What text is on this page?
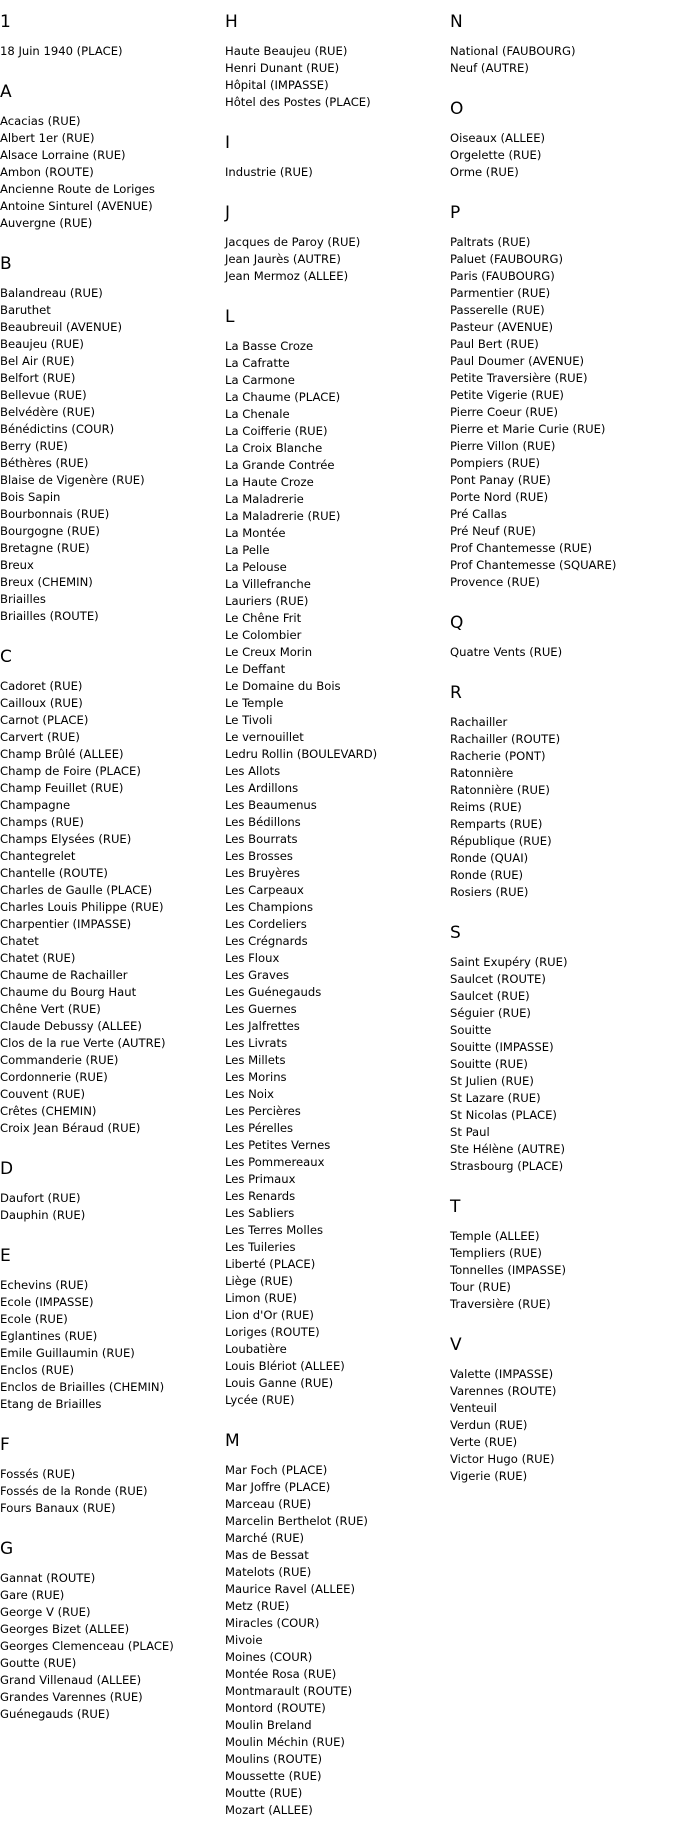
1
18 Juin 1940 (PLACE)
A
Acacias (RUE)
Albert 1er (RUE)
Alsace Lorraine (RUE)
Ambon (ROUTE)
Ancienne Route de Loriges
Antoine Sinturel (AVENUE)
Auvergne (RUE)
B
Balandreau (RUE)
Baruthet
Beaubreuil (AVENUE)
Beaujeu (RUE)
Bel Air (RUE)
Belfort (RUE)
Bellevue (RUE)
Belvédère (RUE)
Bénédictins (COUR)
Berry (RUE)
Béthères (RUE)
Blaise de Vigenère (RUE)
Bois Sapin
Bourbonnais (RUE)
Bourgogne (RUE)
Bretagne (RUE)
Breux
Breux (CHEMIN)
Briailles
Briailles (ROUTE)
C
Cadoret (RUE)
Cailloux (RUE)
Carnot (PLACE)
Carvert (RUE)
Champ Brûlé (ALLEE)
Champ de Foire (PLACE)
Champ Feuillet (RUE)
Champagne
Champs (RUE)
Champs Elysées (RUE)
Chantegrelet
Chantelle (ROUTE)
Charles de Gaulle (PLACE)
Charles Louis Philippe (RUE)
Charpentier (IMPASSE)
Chatet
Chatet (RUE)
Chaume de Rachailler
Chaume du Bourg Haut
Chêne Vert (RUE)
Claude Debussy (ALLEE)
Clos de la rue Verte (AUTRE)
Commanderie (RUE)
Cordonnerie (RUE)
Couvent (RUE)
Crêtes (CHEMIN)
Croix Jean Béraud (RUE)
D
Daufort (RUE)
Dauphin (RUE)
E
Echevins (RUE)
Ecole (IMPASSE)
Ecole (RUE)
Eglantines (RUE)
Emile Guillaumin (RUE)
Enclos (RUE)
Enclos de Briailles (CHEMIN)
Etang de Briailles
F
Fossés (RUE)
Fossés de la Ronde (RUE)
Fours Banaux (RUE)
G
Gannat (ROUTE)
Gare (RUE)
George V (RUE)
Georges Bizet (ALLEE)
Georges Clemenceau (PLACE)
Goutte (RUE)
Grand Villenaud (ALLEE)
Grandes Varennes (RUE)
Guénegauds (RUE)
H
Haute Beaujeu (RUE)
Henri Dunant (RUE)
Hôpital (IMPASSE)
Hôtel des Postes (PLACE)
I
Industrie (RUE)
J
Jacques de Paroy (RUE)
Jean Jaurès (AUTRE)
Jean Mermoz (ALLEE)
L
La Basse Croze
La Cafratte
La Carmone
La Chaume (PLACE)
La Chenale
La Coifferie (RUE)
La Croix Blanche
La Grande Contrée
La Haute Croze
La Maladrerie
La Maladrerie (RUE)
La Montée
La Pelle
La Pelouse
La Villefranche
Lauriers (RUE)
Le Chêne Frit
Le Colombier
Le Creux Morin
Le Deffant
Le Domaine du Bois
Le Temple
Le Tivoli
Le vernouillet
Ledru Rollin (BOULEVARD)
Les Allots
Les Ardillons
Les Beaumenus
Les Bédillons
Les Bourrats
Les Brosses
Les Bruyères
Les Carpeaux
Les Champions
Les Cordeliers
Les Crégnards
Les Floux
Les Graves
Les Guénegauds
Les Guernes
Les Jalfrettes
Les Livrats
Les Millets
Les Morins
Les Noix
Les Percières
Les Pérelles
Les Petites Vernes
Les Pommereaux
Les Primaux
Les Renards
Les Sabliers
Les Terres Molles
Les Tuileries
Liberté (PLACE)
Liège (RUE)
Limon (RUE)
Lion d'Or (RUE)
Loriges (ROUTE)
Loubatière
Louis Blériot (ALLEE)
Louis Ganne (RUE)
Lycée (RUE)
M
Mar Foch (PLACE)
Mar Joffre (PLACE)
Marceau (RUE)
Marcelin Berthelot (RUE)
Marché (RUE)
Mas de Bessat
Matelots (RUE)
Maurice Ravel (ALLEE)
Metz (RUE)
Miracles (COUR)
Mivoie
Moines (COUR)
Montée Rosa (RUE)
Montmarault (ROUTE)
Montord (ROUTE)
Moulin Breland
Moulin Méchin (RUE)
Moulins (ROUTE)
Moussette (RUE)
Moutte (RUE)
Mozart (ALLEE)
N
National (FAUBOURG)
Neuf (AUTRE)
O
Oiseaux (ALLEE)
Orgelette (RUE)
Orme (RUE)
P
Paltrats (RUE)
Paluet (FAUBOURG)
Paris (FAUBOURG)
Parmentier (RUE)
Passerelle (RUE)
Pasteur (AVENUE)
Paul Bert (RUE)
Paul Doumer (AVENUE)
Petite Traversière (RUE)
Petite Vigerie (RUE)
Pierre Coeur (RUE)
Pierre et Marie Curie (RUE)
Pierre Villon (RUE)
Pompiers (RUE)
Pont Panay (RUE)
Porte Nord (RUE)
Pré Callas
Pré Neuf (RUE)
Prof Chantemesse (RUE)
Prof Chantemesse (SQUARE)
Provence (RUE)
Q
Quatre Vents (RUE)
R
Rachailler
Rachailler (ROUTE)
Racherie (PONT)
Ratonnière
Ratonnière (RUE)
Reims (RUE)
Remparts (RUE)
République (RUE)
Ronde (QUAI)
Ronde (RUE)
Rosiers (RUE)
S
Saint Exupéry (RUE)
Saulcet (ROUTE)
Saulcet (RUE)
Séguier (RUE)
Souitte
Souitte (IMPASSE)
Souitte (RUE)
St Julien (RUE)
St Lazare (RUE)
St Nicolas (PLACE)
St Paul
Ste Hélène (AUTRE)
Strasbourg (PLACE)
T
Temple (ALLEE)
Templiers (RUE)
Tonnelles (IMPASSE)
Tour (RUE)
Traversière (RUE)
V
Valette (IMPASSE)
Varennes (ROUTE)
Venteuil
Verdun (RUE)
Verte (RUE)
Victor Hugo (RUE)
Vigerie (RUE)
